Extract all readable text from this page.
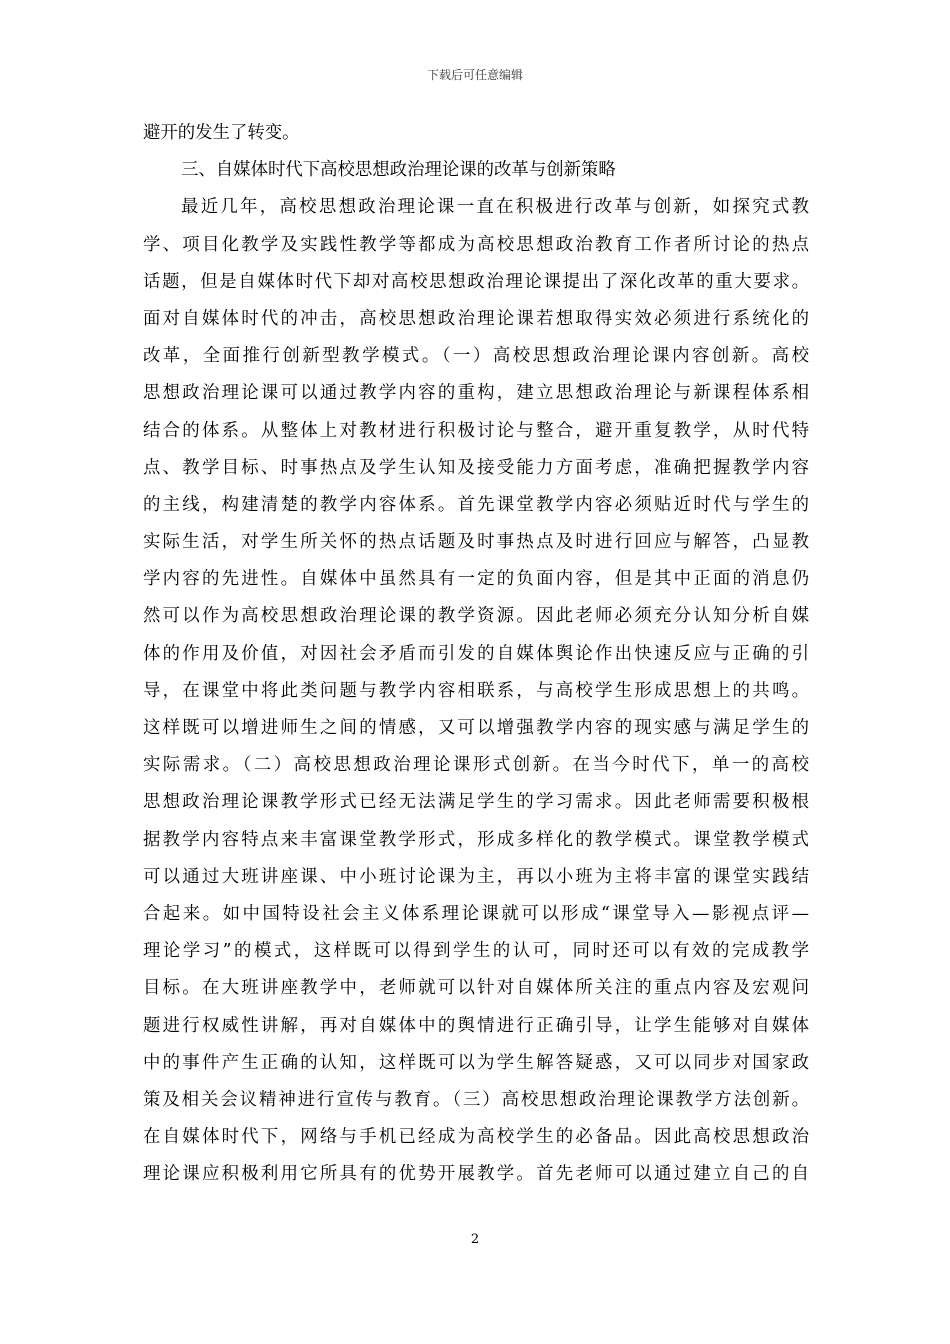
下载后可任意编辑
避开的发生了转变。
三、自媒体时代下高校思想政治理论课的改革与创新策略
最近几年，高校思想政治理论课一直在积极进行改革与创新，如探究式教
学、项目化教学及实践性教学等都成为高校思想政治教育工作者所讨论的热点
话题，但是自媒体时代下却对高校思想政治理论课提出了深化改革的重大要求。
面对自媒体时代的冲击，高校思想政治理论课若想取得实效必须进行系统化的
改革，全面推行创新型教学模式。（一）高校思想政治理论课内容创新。高校
思想政治理论课可以通过教学内容的重构，建立思想政治理论与新课程体系相
结合的体系。从整体上对教材进行积极讨论与整合，避开重复教学，从时代特
点、教学目标、时事热点及学生认知及接受能力方面考虑，准确把握教学内容
的主线，构建清楚的教学内容体系。首先课堂教学内容必须贴近时代与学生的
实际生活，对学生所关怀的热点话题及时事热点及时进行回应与解答，凸显教
学内容的先进性。自媒体中虽然具有一定的负面内容，但是其中正面的消息仍
然可以作为高校思想政治理论课的教学资源。因此老师必须充分认知分析自媒
体的作用及价值，对因社会矛盾而引发的自媒体舆论作出快速反应与正确的引
导，在课堂中将此类问题与教学内容相联系，与高校学生形成思想上的共鸣。
这样既可以增进师生之间的情感，又可以增强教学内容的现实感与满足学生的
实际需求。（二）高校思想政治理论课形式创新。在当今时代下，单一的高校
思想政治理论课教学形式已经无法满足学生的学习需求。因此老师需要积极根
据教学内容特点来丰富课堂教学形式，形成多样化的教学模式。课堂教学模式
可以通过大班讲座课、中小班讨论课为主，再以小班为主将丰富的课堂实践结
合起来。如中国特设社会主义体系理论课就可以形成“课堂导入—影视点评—
理论学习”的模式，这样既可以得到学生的认可，同时还可以有效的完成教学
目标。在大班讲座教学中，老师就可以针对自媒体所关注的重点内容及宏观问
题进行权威性讲解，再对自媒体中的舆情进行正确引导，让学生能够对自媒体
中的事件产生正确的认知，这样既可以为学生解答疑惑，又可以同步对国家政
策及相关会议精神进行宣传与教育。（三）高校思想政治理论课教学方法创新。
在自媒体时代下，网络与手机已经成为高校学生的必备品。因此高校思想政治
理论课应积极利用它所具有的优势开展教学。首先老师可以通过建立自己的自
2
